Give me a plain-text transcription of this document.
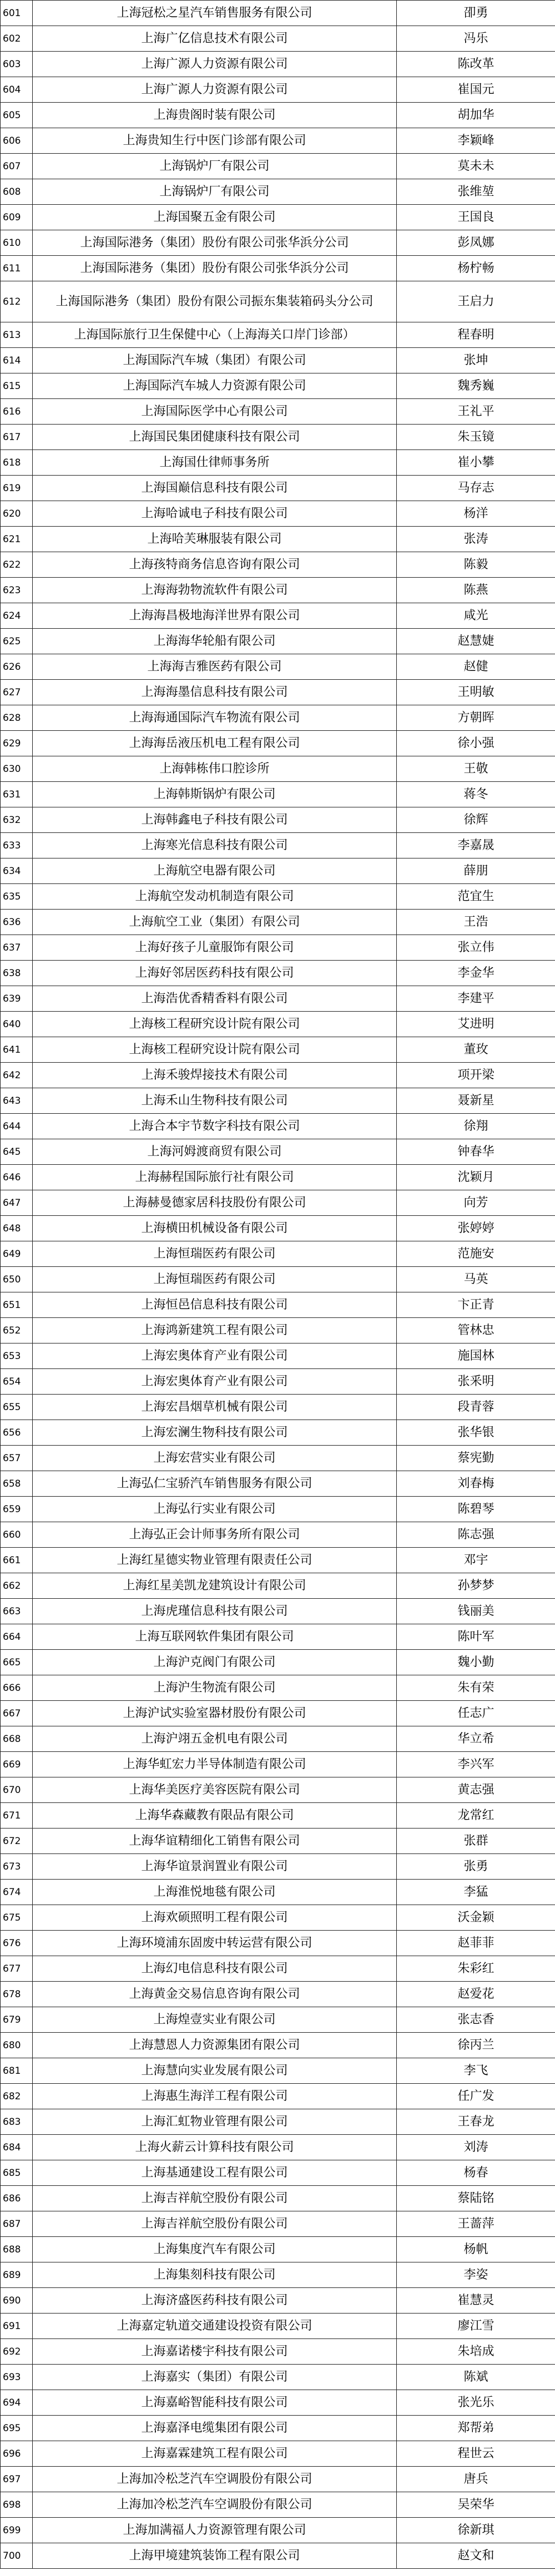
601	上海冠松之星汽车销售服务有限公司	卲勇
602	上海广亿信息技术有限公司	冯乐
603	上海广源人力资源有限公司	陈改革
604	上海广源人力资源有限公司	崔国元
605	上海贵阁时装有限公司	胡加华
606	上海贵知生行中医门诊部有限公司	李颖峰
607	上海锅炉厂有限公司	莫未未
608	上海锅炉厂有限公司	张维堃
609	上海国聚五金有限公司	王国良
610	上海国际港务（集团）股份有限公司张华浜分公司	彭凤娜
611	上海国际港务（集团）股份有限公司张华浜分公司	杨柠畅
612	上海国际港务（集团）股份有限公司振东集装箱码头分公司	王启力
613	上海国际旅行卫生保健中心（上海海关口岸门诊部）	程春明
614	上海国际汽车城（集团）有限公司	张坤
615	上海国际汽车城人力资源有限公司	魏秀巍
616	上海国际医学中心有限公司	王礼平
617	上海国民集团健康科技有限公司	朱玉镜
618	上海国仕律师事务所	崔小攀
619	上海国巅信息科技有限公司	马存志
620	上海哈诚电子科技有限公司	杨洋
621	上海哈芙琳服装有限公司	张涛
622	上海孩特商务信息咨询有限公司	陈毅
623	上海海勃物流软件有限公司	陈燕
624	上海海昌极地海洋世界有限公司	咸光
625	上海海华轮船有限公司	赵慧婕
626	上海海吉雅医药有限公司	赵健
627	上海海墨信息科技有限公司	王明敏
628	上海海通国际汽车物流有限公司	方朝晖
629	上海海岳液压机电工程有限公司	徐小强
630	上海韩栋伟口腔诊所	王敬
631	上海韩斯锅炉有限公司	蒋冬
632	上海韩鑫电子科技有限公司	徐辉
633	上海寒光信息科技有限公司	李嘉晟
634	上海航空电器有限公司	薛朋
635	上海航空发动机制造有限公司	范宜生
636	上海航空工业（集团）有限公司	王浩
637	上海好孩子儿童服饰有限公司	张立伟
638	上海好邻居医药科技有限公司	李金华
639	上海浩优香精香料有限公司	李建平
640	上海核工程研究设计院有限公司	艾进明
641	上海核工程研究设计院有限公司	董玫
642	上海禾骏焊接技术有限公司	项开梁
643	上海禾山生物科技有限公司	聂新星
644	上海合本宇节数字科技有限公司	徐翔
645	上海河姆渡商贸有限公司	钟春华
646	上海赫程国际旅行社有限公司	沈颖月
647	上海赫曼德家居科技股份有限公司	向芳
648	上海横田机械设备有限公司	张婷婷
649	上海恒瑞医药有限公司	范施安
650	上海恒瑞医药有限公司	马英
651	上海恒邑信息科技有限公司	卞正青
652	上海鸿新建筑工程有限公司	管林忠
653	上海宏奥体育产业有限公司	施国林
654	上海宏奥体育产业有限公司	张釆明
655	上海宏昌烟草机械有限公司	段青蓉
656	上海宏澜生物科技有限公司	张华银
657	上海宏营实业有限公司	蔡宪勤
658	上海弘仁宝骄汽车销售服务有限公司	刘春梅
659	上海弘行实业有限公司	陈碧琴
660	上海弘正会计师事务所有限公司	陈志强
661	上海红星德实物业管理有限责任公司	邓宇
662	上海红星美凯龙建筑设计有限公司	孙梦梦
663	上海虎瑾信息科技有限公司	钱丽美
664	上海互联网软件集团有限公司	陈叶军
665	上海沪克阀门有限公司	魏小勤
666	上海沪生物流有限公司	朱有荣
667	上海沪试实验室器材股份有限公司	任志广
668	上海沪翊五金机电有限公司	华立希
669	上海华虹宏力半导体制造有限公司	李兴军
670	上海华美医疗美容医院有限公司	黄志强
671	上海华森藏教有限品有限公司	龙常红
672	上海华谊精细化工销售有限公司	张群
673	上海华谊景润置业有限公司	张勇
674	上海淮悦地毯有限公司	李猛
675	上海欢硕照明工程有限公司	沃金颖
676	上海环境浦东固废中转运营有限公司	赵菲菲
677	上海幻电信息科技有限公司	朱彩红
678	上海黄金交易信息咨询有限公司	赵爱花
679	上海煌壹实业有限公司	张志香
680	上海慧恩人力资源集团有限公司	徐丙兰
681	上海慧向实业发展有限公司	李飞
682	上海惠生海洋工程有限公司	任广发
683	上海汇虹物业管理有限公司	王春龙
684	上海火薪云计算科技有限公司	刘涛
685	上海基通建设工程有限公司	杨春
686	上海吉祥航空股份有限公司	蔡陆铭
687	上海吉祥航空股份有限公司	王蔷萍
688	上海集度汽车有限公司	杨帆
689	上海集刻科技有限公司	李姿
690	上海济盛医药科技有限公司	崔慧灵
691	上海嘉定轨道交通建设投资有限公司	廖江雪
692	上海嘉诺楼宇科技有限公司	朱培成
693	上海嘉实（集团）有限公司	陈斌
694	上海嘉峪智能科技有限公司	张光乐
695	上海嘉泽电缆集团有限公司	郑帮弟
696	上海嘉霖建筑工程有限公司	程世云
697	上海加冷松芝汽车空调股份有限公司	唐兵
698	上海加冷松芝汽车空调股份有限公司	吴荣华
699	上海加满福人力资源管理有限公司	徐新琪
700	上海甲境建筑装饰工程有限公司	赵文和
